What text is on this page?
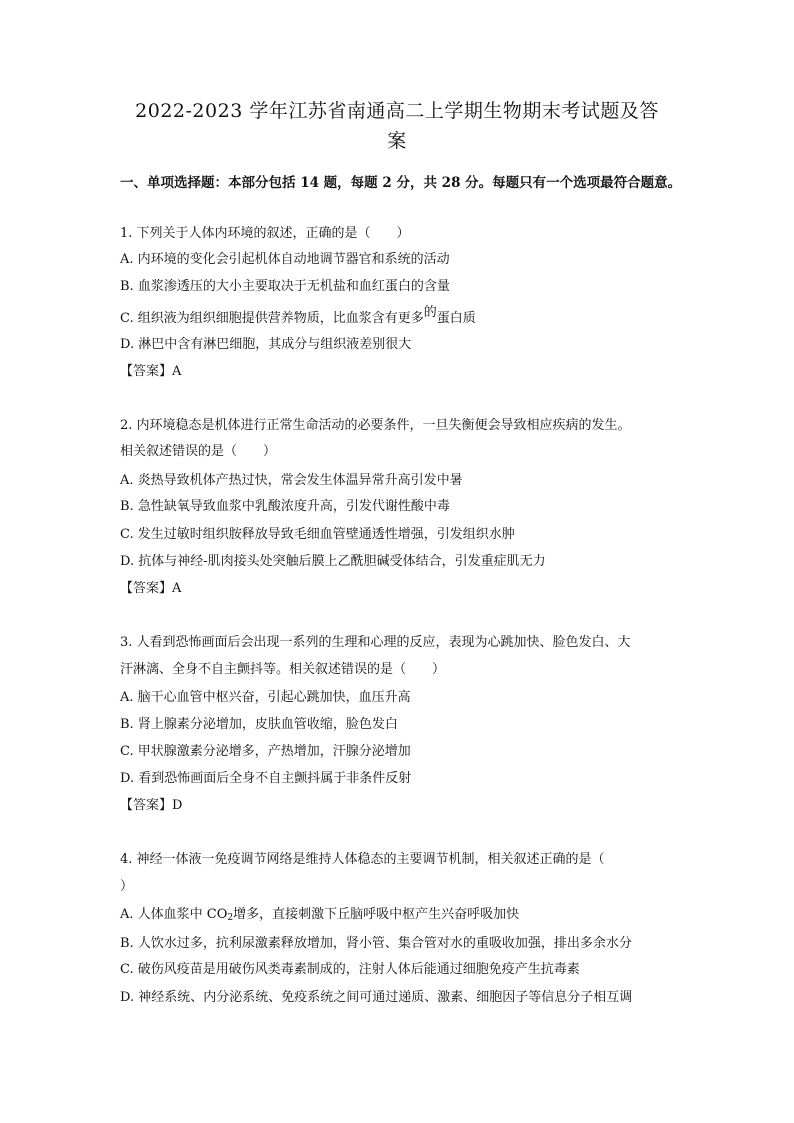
2022-2023 学年江苏省南通高二上学期生物期末考试题及答
案
一、单项选择题：本部分包括 14 题，每题 2 分，共 28 分。每题只有一个选项最符合题意。
1. 下列关于人体内环境的叙述，正确的是（　　）
A. 内环境的变化会引起机体自动地调节器官和系统的活动
B. 血浆渗透压的大小主要取决于无机盐和血红蛋白的含量
C. 组织液为组织细胞提供营养物质，比血浆含有更多的蛋白质
D. 淋巴中含有淋巴细胞，其成分与组织液差别很大
【答案】A
2. 内环境稳态是机体进行正常生命活动的必要条件，一旦失衡便会导致相应疾病的发生。
相关叙述错误的是（　　）
A. 炎热导致机体产热过快，常会发生体温异常升高引发中暑
B. 急性缺氧导致血浆中乳酸浓度升高，引发代谢性酸中毒
C. 发生过敏时组织胺释放导致毛细血管壁通透性增强，引发组织水肿
D. 抗体与神经-肌肉接头处突触后膜上乙酰胆碱受体结合，引发重症肌无力
【答案】A
3. 人看到恐怖画面后会出现一系列的生理和心理的反应，表现为心跳加快、脸色发白、大
汗淋漓、全身不自主颤抖等。相关叙述错误的是（　　）
A. 脑干心血管中枢兴奋，引起心跳加快，血压升高
B. 肾上腺素分泌增加，皮肤血管收缩，脸色发白
C. 甲状腺激素分泌增多，产热增加，汗腺分泌增加
D. 看到恐怖画面后全身不自主颤抖属于非条件反射
【答案】D
4. 神经一体液一免疫调节网络是维持人体稳态的主要调节机制，相关叙述正确的是（
）
A. 人体血浆中 $CO_2$增多，直接刺激下丘脑呼吸中枢产生兴奋呼吸加快
B. 人饮水过多，抗利尿激素释放增加，肾小管、集合管对水的重吸收加强，排出多余水分
C. 破伤风疫苗是用破伤风类毒素制成的，注射人体后能通过细胞免疫产生抗毒素
D. 神经系统、内分泌系统、免疫系统之间可通过递质、激素、细胞因子等信息分子相互调
